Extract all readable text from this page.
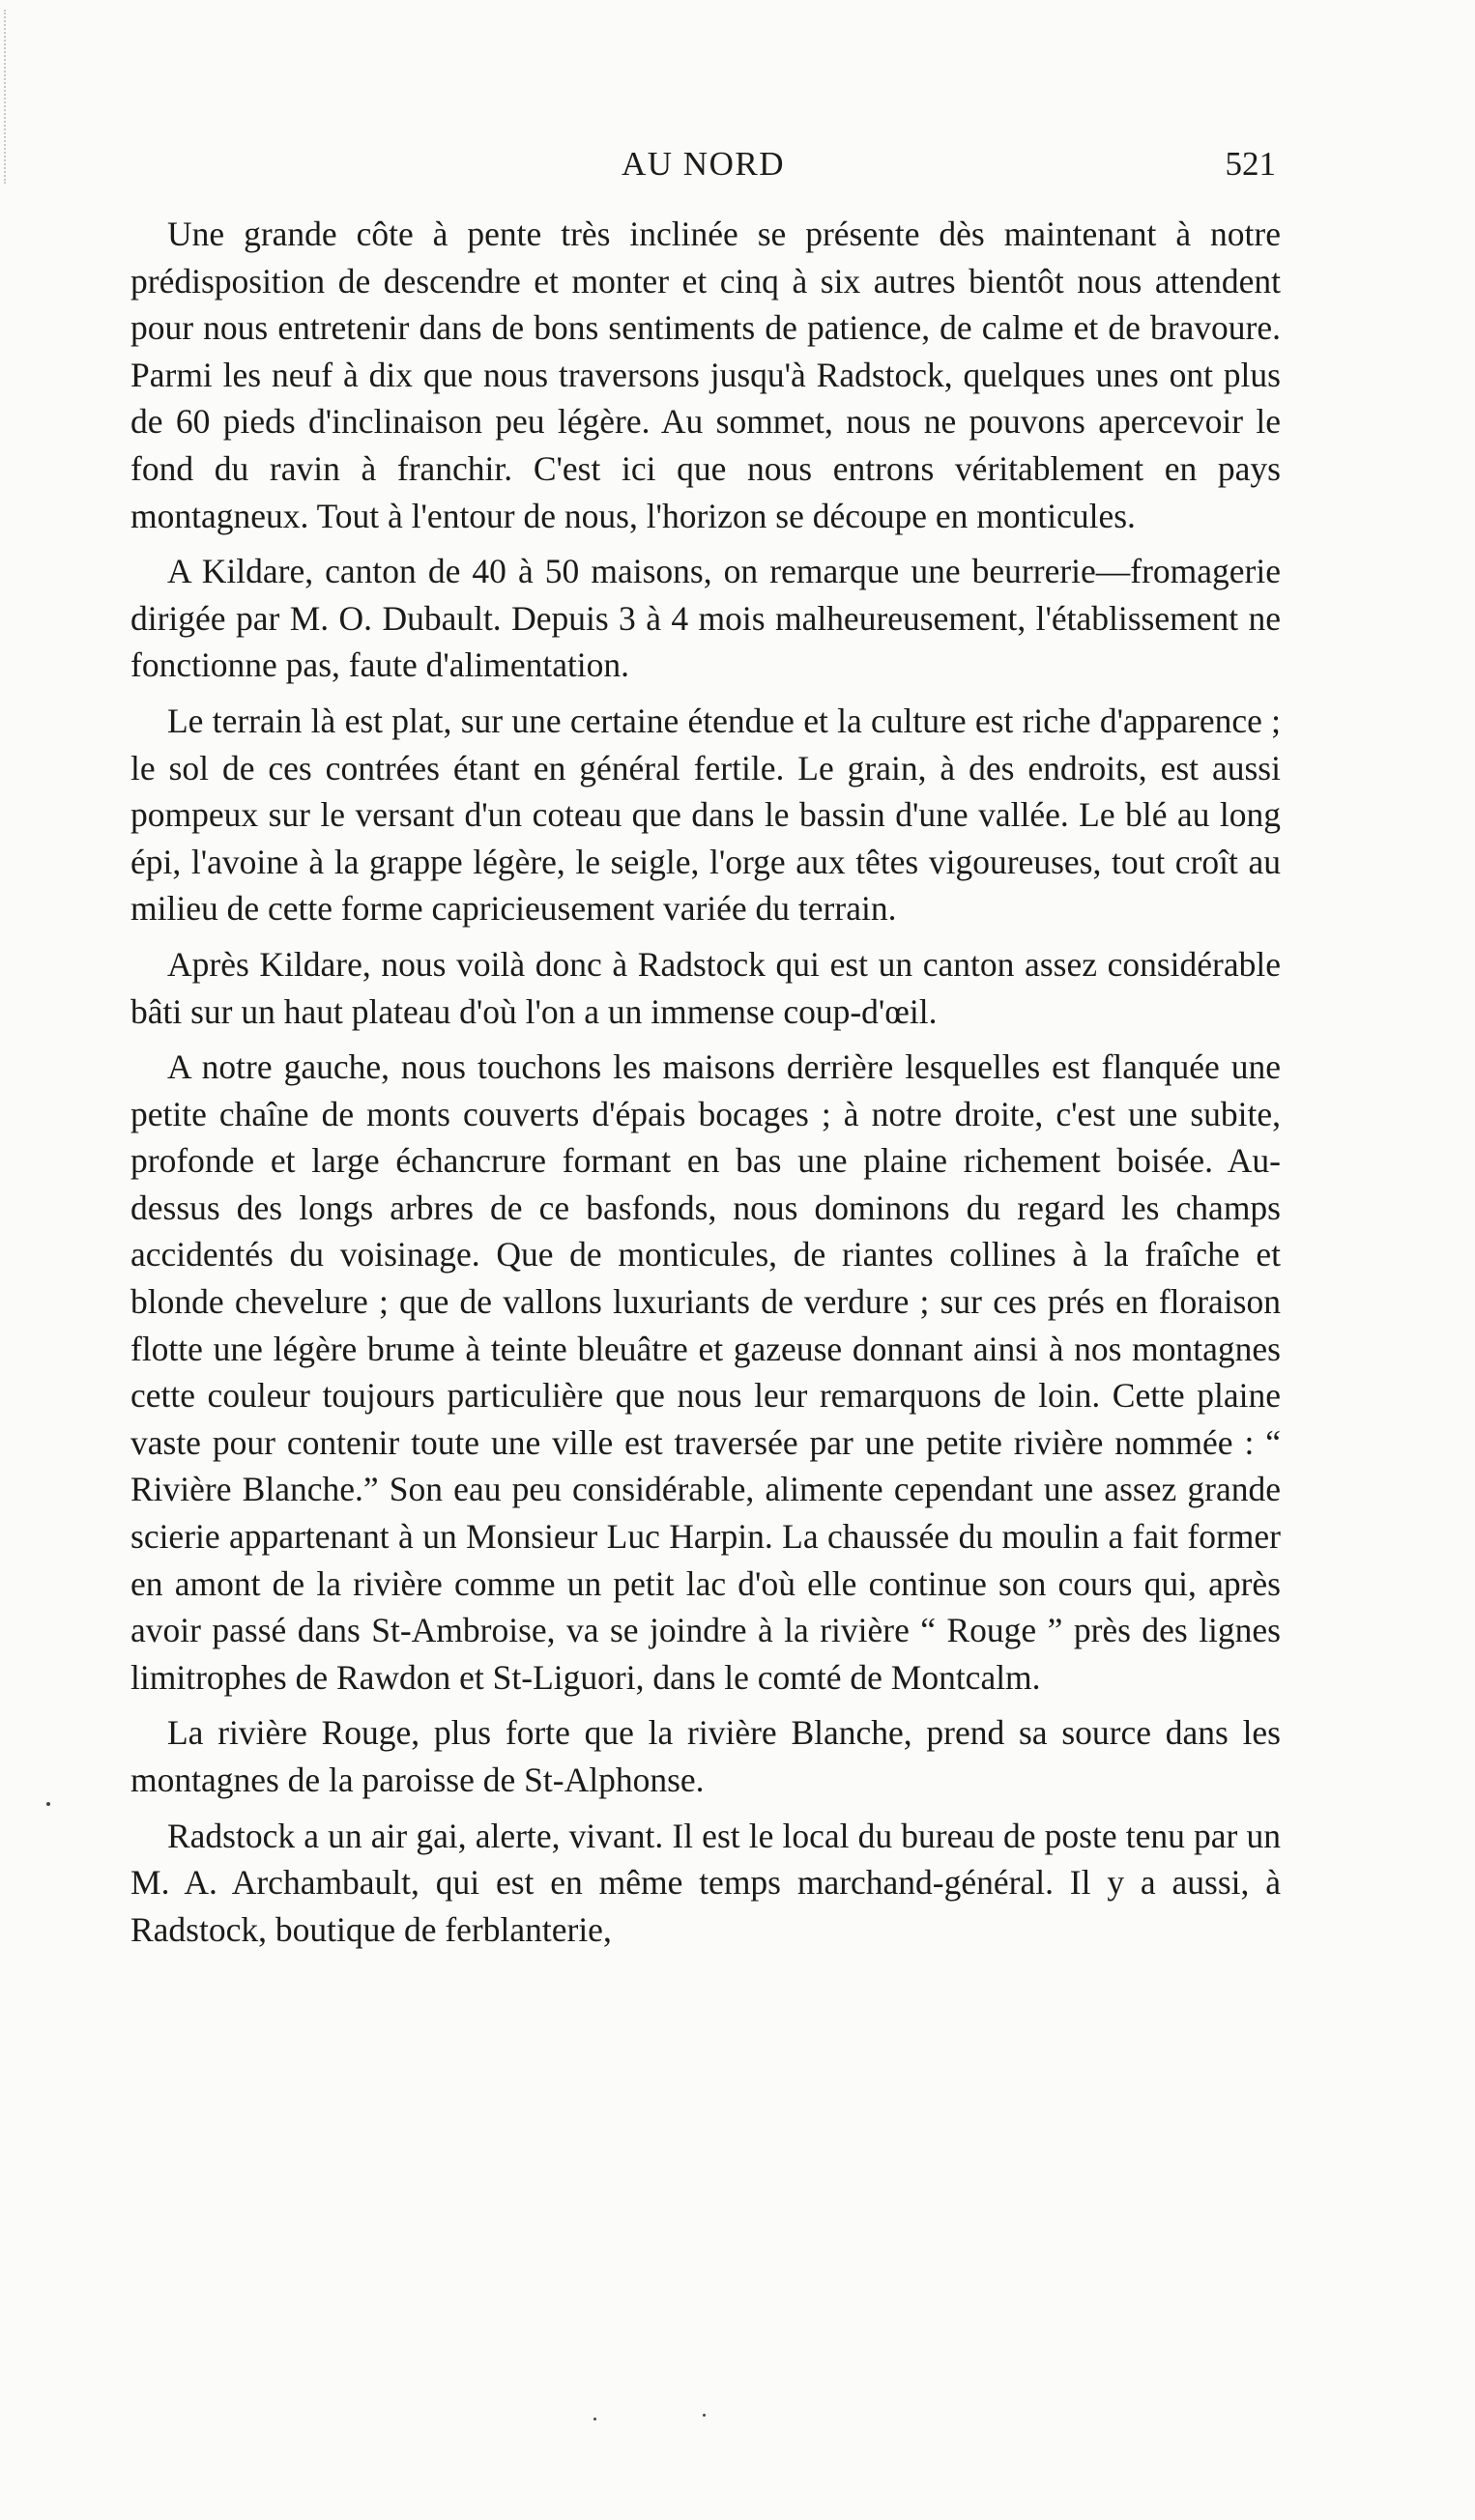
AU NORD	521

Une grande côte à pente très inclinée se présente dès maintenant à notre prédisposition de descendre et monter et cinq à six autres bientôt nous attendent pour nous entretenir dans de bons sentiments de patience, de calme et de bravoure. Parmi les neuf à dix que nous traversons jusqu'à Radstock, quelques unes ont plus de 60 pieds d'inclinaison peu légère. Au sommet, nous ne pouvons apercevoir le fond du ravin à franchir. C'est ici que nous entrons véritablement en pays montagneux. Tout à l'entour de nous, l'horizon se découpe en monticules.

A Kildare, canton de 40 à 50 maisons, on remarque une beurrerie—fromagerie dirigée par M. O. Dubault. Depuis 3 à 4 mois malheureusement, l'établissement ne fonctionne pas, faute d'alimentation.

Le terrain là est plat, sur une certaine étendue et la culture est riche d'apparence ; le sol de ces contrées étant en général fertile. Le grain, à des endroits, est aussi pompeux sur le versant d'un coteau que dans le bassin d'une vallée. Le blé au long épi, l'avoine à la grappe légère, le seigle, l'orge aux têtes vigoureuses, tout croît au milieu de cette forme capricieusement variée du terrain.

Après Kildare, nous voilà donc à Radstock qui est un canton assez considérable bâti sur un haut plateau d'où l'on a un immense coup-d'œil.

A notre gauche, nous touchons les maisons derrière lesquelles est flanquée une petite chaîne de monts couverts d'épais bocages ; à notre droite, c'est une subite, profonde et large échancrure formant en bas une plaine richement boisée. Au-dessus des longs arbres de ce basfonds, nous dominons du regard les champs accidentés du voisinage. Que de monticules, de riantes collines à la fraîche et blonde chevelure ; que de vallons luxuriants de verdure ; sur ces prés en floraison flotte une légère brume à teinte bleuâtre et gazeuse donnant ainsi à nos montagnes cette couleur toujours particulière que nous leur remarquons de loin. Cette plaine vaste pour contenir toute une ville est traversée par une petite rivière nommée : “ Rivière Blanche.” Son eau peu considérable, alimente cependant une assez grande scierie appartenant à un Monsieur Luc Harpin. La chaussée du moulin a fait former en amont de la rivière comme un petit lac d'où elle continue son cours qui, après avoir passé dans St-Ambroise, va se joindre à la rivière “ Rouge ” près des lignes limitrophes de Rawdon et St-Liguori, dans le comté de Montcalm.

La rivière Rouge, plus forte que la rivière Blanche, prend sa source dans les montagnes de la paroisse de St-Alphonse.

Radstock a un air gai, alerte, vivant. Il est le local du bureau de poste tenu par un M. A. Archambault, qui est en même temps marchand-général. Il y a aussi, à Radstock, boutique de ferblanterie,
